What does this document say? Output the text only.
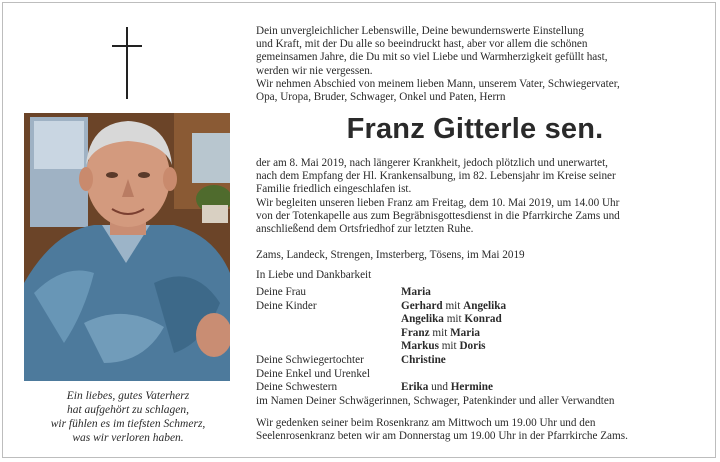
Ein liebes, gutes Vaterherz
hat aufgehört zu schlagen,
wir fühlen es im tiefsten Schmerz,
was wir verloren haben.
Dein unvergleichlicher Lebenswille, Deine bewundernswerte Einstellung
und Kraft, mit der Du alle so beeindruckt hast, aber vor allem die schönen
gemeinsamen Jahre, die Du mit so viel Liebe und Warmherzigkeit gefüllt hast,
werden wir nie vergessen.
Wir nehmen Abschied von meinem lieben Mann, unserem Vater, Schwiegervater,
Opa, Uropa, Bruder, Schwager, Onkel und Paten, Herrn
Franz Gitterle sen.
der am 8. Mai 2019, nach längerer Krankheit, jedoch plötzlich und unerwartet,
nach dem Empfang der Hl. Krankensalbung, im 82. Lebensjahr im Kreise seiner
Familie friedlich eingeschlafen ist.
Wir begleiten unseren lieben Franz am Freitag, dem 10. Mai 2019, um 14.00 Uhr
von der Totenkapelle aus zum Begräbnisgottesdienst in die Pfarrkirche Zams und
anschließend dem Ortsfriedhof zur letzten Ruhe.
Zams, Landeck, Strengen, Imsterberg, Tösens, im Mai 2019
In Liebe und Dankbarkeit
Deine Frau	Maria
Deine Kinder	Gerhard mit Angelika
Angelika mit Konrad
Franz mit Maria
Markus mit Doris
Deine Schwiegertochter	Christine
Deine Enkel und Urenkel
Deine Schwestern	Erika und Hermine
im Namen Deiner Schwägerinnen, Schwager, Patenkinder und aller Verwandten
Wir gedenken seiner beim Rosenkranz am Mittwoch um 19.00 Uhr und den
Seelenrosenkranz beten wir am Donnerstag um 19.00 Uhr in der Pfarrkirche Zams.
